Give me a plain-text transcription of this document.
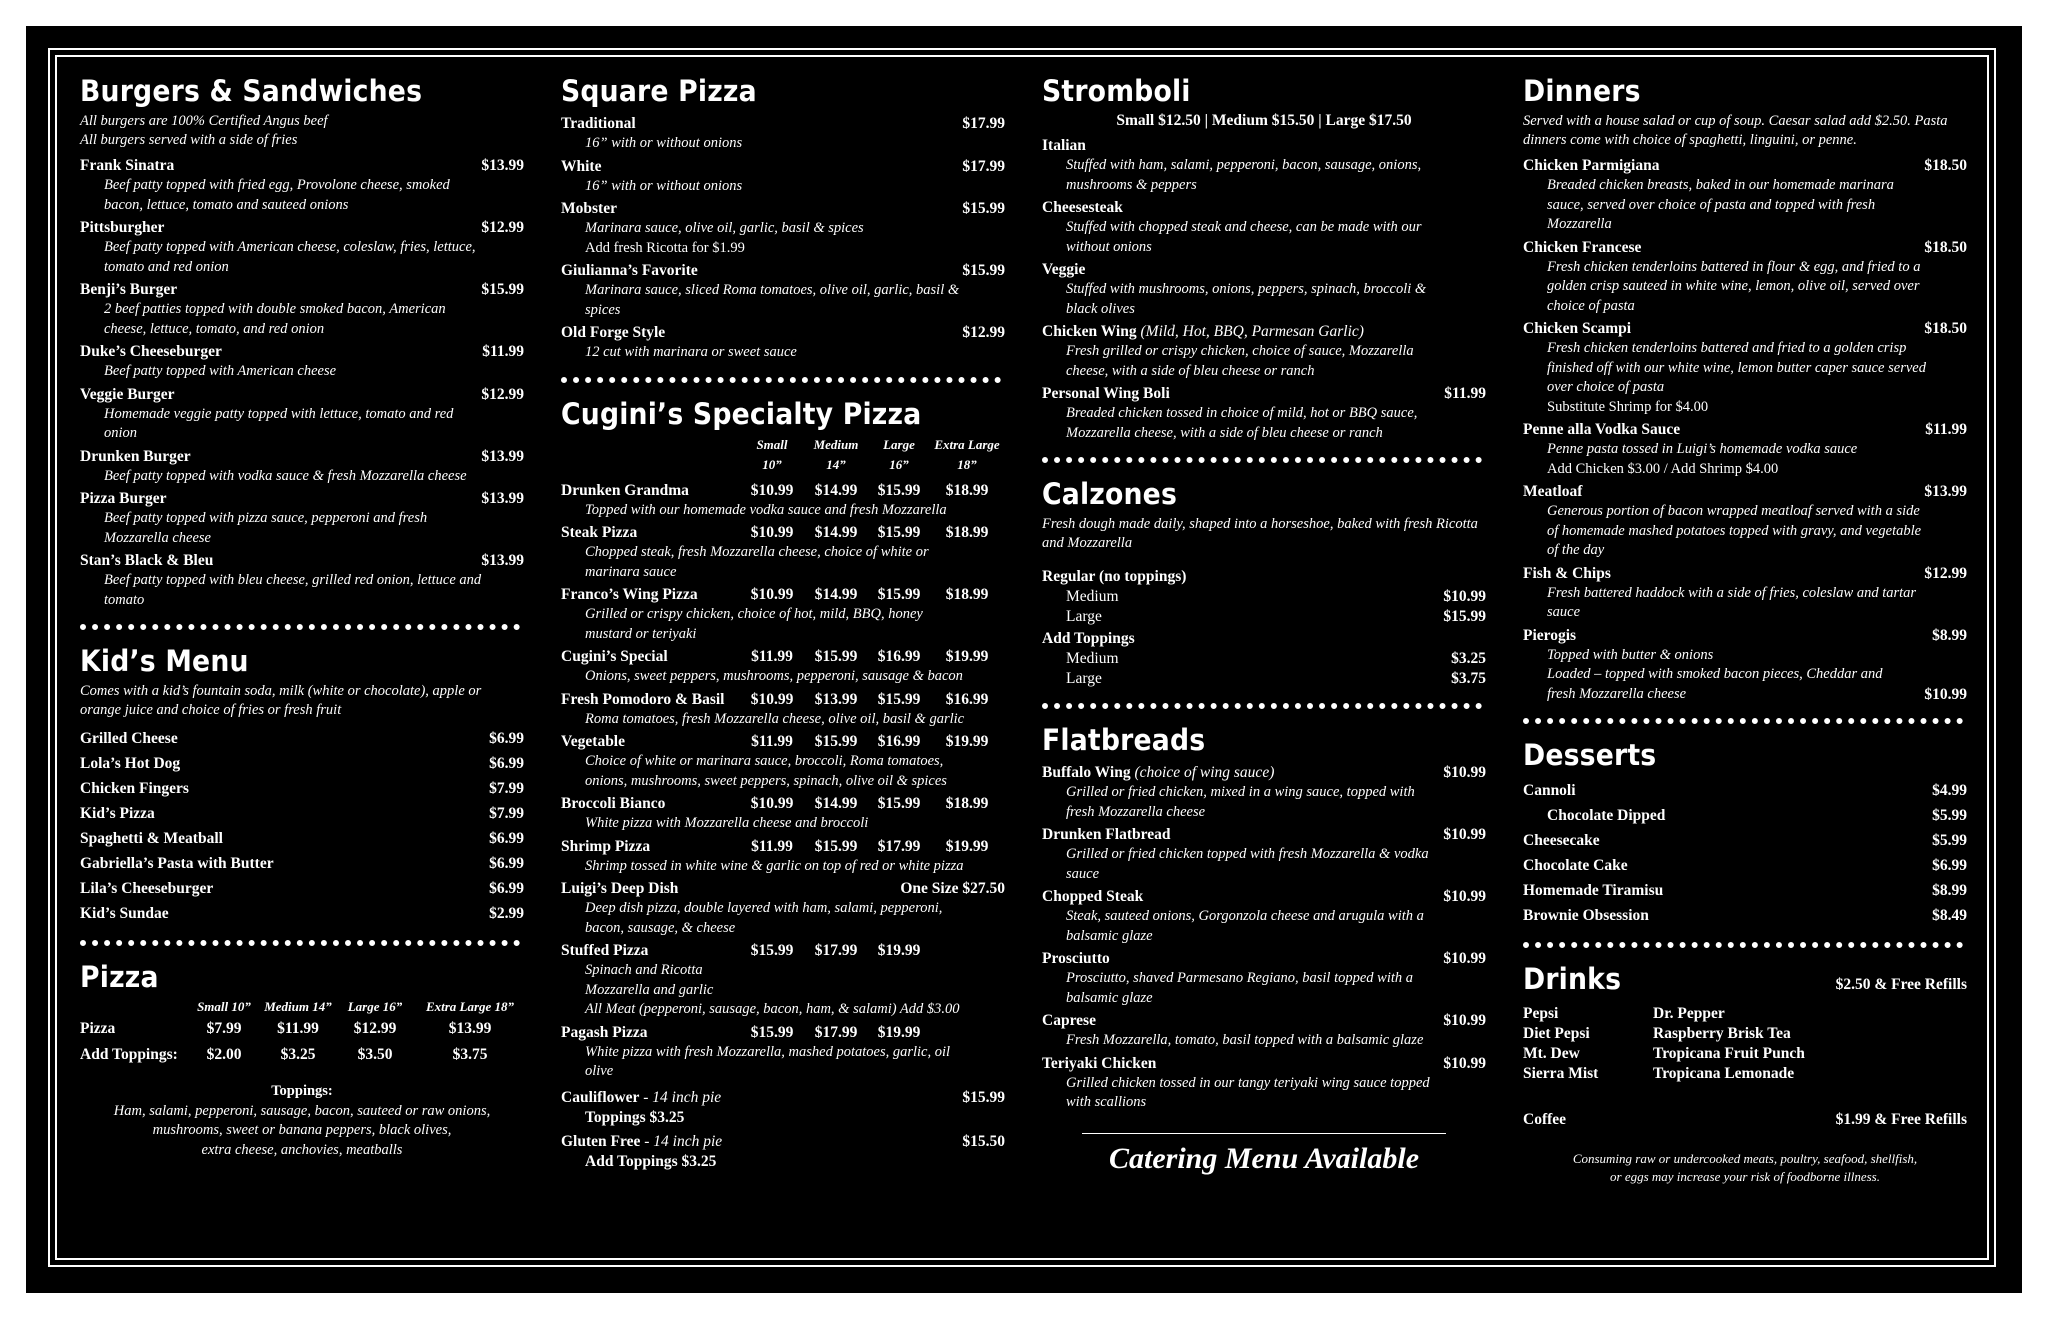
Burgers & Sandwiches
All burgers are 100% Certified Angus beef
All burgers served with a side of fries
Frank Sinatra	$13.99
Beef patty topped with fried egg, Provolone cheese, smoked bacon, lettuce, tomato and sauteed onions
Pittsburgher	$12.99
Beef patty topped with American cheese, coleslaw, fries, lettuce, tomato and red onion
Benji’s Burger	$15.99
2 beef patties topped with double smoked bacon, American cheese, lettuce, tomato, and red onion
Duke’s Cheeseburger	$11.99
Beef patty topped with American cheese
Veggie Burger	$12.99
Homemade veggie patty topped with lettuce, tomato and red onion
Drunken Burger	$13.99
Beef patty topped with vodka sauce & fresh Mozzarella cheese
Pizza Burger	$13.99
Beef patty topped with pizza sauce, pepperoni and fresh Mozzarella cheese
Stan’s Black & Bleu	$13.99
Beef patty topped with bleu cheese, grilled red onion, lettuce and tomato
Kid’s Menu
Comes with a kid’s fountain soda, milk (white or chocolate), apple or orange juice and choice of fries or fresh fruit
Grilled Cheese	$6.99
Lola’s Hot Dog	$6.99
Chicken Fingers	$7.99
Kid’s Pizza	$7.99
Spaghetti & Meatball	$6.99
Gabriella’s Pasta with Butter	$6.99
Lila’s Cheeseburger	$6.99
Kid’s Sundae	$2.99
Pizza
Small 10”	Medium 14”	Large 16”	Extra Large 18”
Pizza	$7.99	$11.99	$12.99	$13.99
Add Toppings:	$2.00	$3.25	$3.50	$3.75
Toppings:
Ham, salami, pepperoni, sausage, bacon, sauteed or raw onions,
mushrooms, sweet or banana peppers, black olives,
extra cheese, anchovies, meatballs
Square Pizza
Traditional	$17.99
16” with or without onions
White	$17.99
16” with or without onions
Mobster	$15.99
Marinara sauce, olive oil, garlic, basil & spices
Add fresh Ricotta for $1.99
Giulianna’s Favorite	$15.99
Marinara sauce, sliced Roma tomatoes, olive oil, garlic, basil & spices
Old Forge Style	$12.99
12 cut with marinara or sweet sauce
Cugini’s Specialty Pizza
Small	Medium	Large	Extra Large
10”	14”	16”	18”
Drunken Grandma	$10.99	$14.99	$15.99	$18.99
Topped with our homemade vodka sauce and fresh Mozzarella
Steak Pizza	$10.99	$14.99	$15.99	$18.99
Chopped steak, fresh Mozzarella cheese, choice of white or marinara sauce
Franco’s Wing Pizza	$10.99	$14.99	$15.99	$18.99
Grilled or crispy chicken, choice of hot, mild, BBQ, honey mustard or teriyaki
Cugini’s Special	$11.99	$15.99	$16.99	$19.99
Onions, sweet peppers, mushrooms, pepperoni, sausage & bacon
Fresh Pomodoro & Basil	$10.99	$13.99	$15.99	$16.99
Roma tomatoes, fresh Mozzarella cheese, olive oil, basil & garlic
Vegetable	$11.99	$15.99	$16.99	$19.99
Choice of white or marinara sauce, broccoli, Roma tomatoes, onions, mushrooms, sweet peppers, spinach, olive oil & spices
Broccoli Bianco	$10.99	$14.99	$15.99	$18.99
White pizza with Mozzarella cheese and broccoli
Shrimp Pizza	$11.99	$15.99	$17.99	$19.99
Shrimp tossed in white wine & garlic on top of red or white pizza
Luigi’s Deep Dish	One Size $27.50
Deep dish pizza, double layered with ham, salami, pepperoni, bacon, sausage, & cheese
Stuffed Pizza	$15.99	$17.99	$19.99
Spinach and Ricotta
Mozzarella and garlic
All Meat (pepperoni, sausage, bacon, ham, & salami) Add $3.00
Pagash Pizza	$15.99	$17.99	$19.99
White pizza with fresh Mozzarella, mashed potatoes, garlic, oil olive
Cauliflower - 14 inch pie	$15.99
Toppings $3.25
Gluten Free - 14 inch pie	$15.50
Add Toppings $3.25
Stromboli
Small $12.50 | Medium $15.50 | Large $17.50
Italian
Stuffed with ham, salami, pepperoni, bacon, sausage, onions, mushrooms & peppers
Cheesesteak
Stuffed with chopped steak and cheese, can be made with our without onions
Veggie
Stuffed with mushrooms, onions, peppers, spinach, broccoli & black olives
Chicken Wing (Mild, Hot, BBQ, Parmesan Garlic)
Fresh grilled or crispy chicken, choice of sauce, Mozzarella cheese, with a side of bleu cheese or ranch
Personal Wing Boli	$11.99
Breaded chicken tossed in choice of mild, hot or BBQ sauce, Mozzarella cheese, with a side of bleu cheese or ranch
Calzones
Fresh dough made daily, shaped into a horseshoe, baked with fresh Ricotta and Mozzarella
Regular (no toppings)
Medium	$10.99
Large	$15.99
Add Toppings
Medium	$3.25
Large	$3.75
Flatbreads
Buffalo Wing (choice of wing sauce)	$10.99
Grilled or fried chicken, mixed in a wing sauce, topped with fresh Mozzarella cheese
Drunken Flatbread	$10.99
Grilled or fried chicken topped with fresh Mozzarella & vodka sauce
Chopped Steak	$10.99
Steak, sauteed onions, Gorgonzola cheese and arugula with a balsamic glaze
Prosciutto	$10.99
Prosciutto, shaved Parmesano Regiano, basil topped with a balsamic glaze
Caprese	$10.99
Fresh Mozzarella, tomato, basil topped with a balsamic glaze
Teriyaki Chicken	$10.99
Grilled chicken tossed in our tangy teriyaki wing sauce topped with scallions
Catering Menu Available
Dinners
Served with a house salad or cup of soup. Caesar salad add $2.50. Pasta dinners come with choice of spaghetti, linguini, or penne.
Chicken Parmigiana	$18.50
Breaded chicken breasts, baked in our homemade marinara sauce, served over choice of pasta and topped with fresh Mozzarella
Chicken Francese	$18.50
Fresh chicken tenderloins battered in flour & egg, and fried to a golden crisp sauteed in white wine, lemon, olive oil, served over choice of pasta
Chicken Scampi	$18.50
Fresh chicken tenderloins battered and fried to a golden crisp finished off with our white wine, lemon butter caper sauce served over choice of pasta
Substitute Shrimp for $4.00
Penne alla Vodka Sauce	$11.99
Penne pasta tossed in Luigi’s homemade vodka sauce
Add Chicken $3.00 / Add Shrimp $4.00
Meatloaf	$13.99
Generous portion of bacon wrapped meatloaf served with a side of homemade mashed potatoes topped with gravy, and vegetable of the day
Fish & Chips	$12.99
Fresh battered haddock with a side of fries, coleslaw and tartar sauce
Pierogis	$8.99
Topped with butter & onions
Loaded – topped with smoked bacon pieces, Cheddar and fresh Mozzarella cheese	$10.99
Desserts
Cannoli	$4.99
Chocolate Dipped	$5.99
Cheesecake	$5.99
Chocolate Cake	$6.99
Homemade Tiramisu	$8.99
Brownie Obsession	$8.49
Drinks	$2.50 & Free Refills
Pepsi	Dr. Pepper
Diet Pepsi	Raspberry Brisk Tea
Mt. Dew	Tropicana Fruit Punch
Sierra Mist	Tropicana Lemonade
Coffee	$1.99 & Free Refills
Consuming raw or undercooked meats, poultry, seafood, shellfish,
or eggs may increase your risk of foodborne illness.
